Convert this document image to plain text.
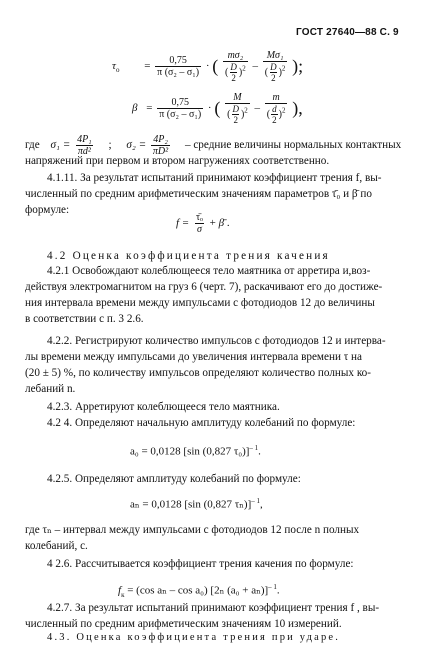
ГОСТ 27640—88 С. 9
$\tau_o = \frac{0,75}{\text{π (σ₂ – σ₁)}}$ · ( $\frac{\text{mσ₂}}{( \frac{D}{2} )^2} - \frac{\text{Mσ₁}}{( \frac{D}{2} )^2}$ );
$\beta = \frac{0,75}{\text{π (σ₂ – σ₁)}}$ · ( $\frac{M}{( \frac{D}{2} )^2} - \frac{m}{( \frac{d}{2} )^2}$ ),
где $\sigma_1 = \frac{\text{4P₁}}{\text{πd²}}$ ; $\sigma_2 = \frac{\text{4P₂}}{\text{πD²}}$ – средние величины нормальных контактных
напряжений при первом и втором нагружениях соответственно.
4.1.11. За результат испытаний принимают коэффициент трения f, вы-
численный по средним арифметическим значениям параметров τ̄₀ и β̄ по
формуле:
$f = \frac{\text{τ̄ₒ}}{\sigma}$ + β̄ .
4.2 Оценка коэффициента трения качения
4.2.1 Освобождают колеблющееся тело маятника от арретира и,воз-
действуя электромагнитом на груз 6 (черт. 7), раскачивают его до достиже-
ния интервала времени между импульсами с фотодиодов 12 до величины
в соответствии с п. 3 2.6.
4.2.2. Регистрируют количество импульсов с фотодиодов 12 и интерва-
лы времени между импульсами до увеличения интервала времени τ на
(20 ± 5) %, по количеству импульсов определяют количество полных ко-
лебаний n.
4.2.3. Арретируют колеблющееся тело маятника.
4.2 4. Определяют начальную амплитуду колебаний по формуле:
a₀ = 0,0128 [sin (0,827 τ₀)]$^{- 1}$.
4.2.5. Определяют амплитуду колебаний по формуле:
aₙ = 0,0128 [sin (0,827 τₙ)]$^{- 1}$,
где τₙ – интервал между импульсами с фотодиодов 12 после n полных
колебаний, с.
4 2.6. Рассчитывается коэффициент трения качения по формуле:
$f_к = (\cos$ aₙ – cos a₀) [2ₙ (a₀ + aₙ)]$^{- 1}$.
4.2.7. За результат испытаний принимают коэффициент трения f , вы-
численный по средним арифметическим значениям 10 измерений.
4.3. Оценка коэффициента трения при ударе.
